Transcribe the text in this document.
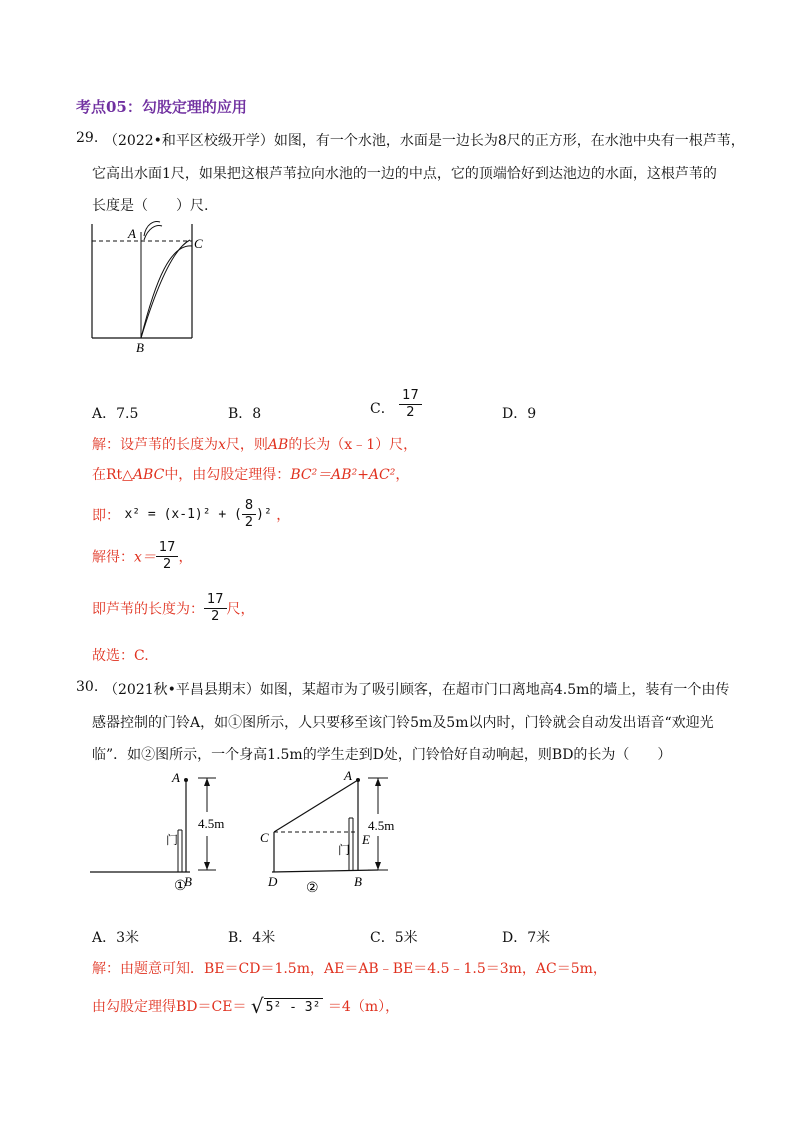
考点05：勾股定理的应用
29. （2022•和平区校级开学）如图，有一个水池，水面是一边长为8尺的正方形，在水池中央有一根芦苇，
它高出水面1尺，如果把这根芦苇拉向水池的一边的中点，它的顶端恰好到达池边的水面，这根芦苇的
长度是（　　）尺.
A
C
B
A．7.5	B．8	C． $\frac{17}{2}$	D．9
解：设芦苇的长度为x尺，则AB的长为（x﹣1）尺，
在Rt△ABC中，由勾股定理得：BC²＝AB²+AC²，
即： x² = (x-1)² + ( $\frac{8}{2} )^2$ ，
解得：$x= \frac{17}{2}$ ，
即芦苇的长度为： $\frac{17}{2}$ 尺，
故选：C.
30. （2021秋•平昌县期末）如图，某超市为了吸引顾客，在超市门口离地高4.5m的墙上，装有一个由传
感器控制的门铃A，如①图所示，人只要移至该门铃5m及5m以内时，门铃就会自动发出语音“欢迎光
临”．如②图所示，一个身高1.5m的学生走到D处，门铃恰好自动响起，则BD的长为（　　）
A
B
4.5m
门
①
A
C	E
D	B
4.5m
门
②
A．3米	B．4米	C．5米	D．7米
解：由题意可知．BE＝CD＝1.5m，AE＝AB﹣BE＝4.5﹣1.5＝3m，AC＝5m，
由勾股定理得BD＝CE＝ √ 5² - 3² ＝4（m），
